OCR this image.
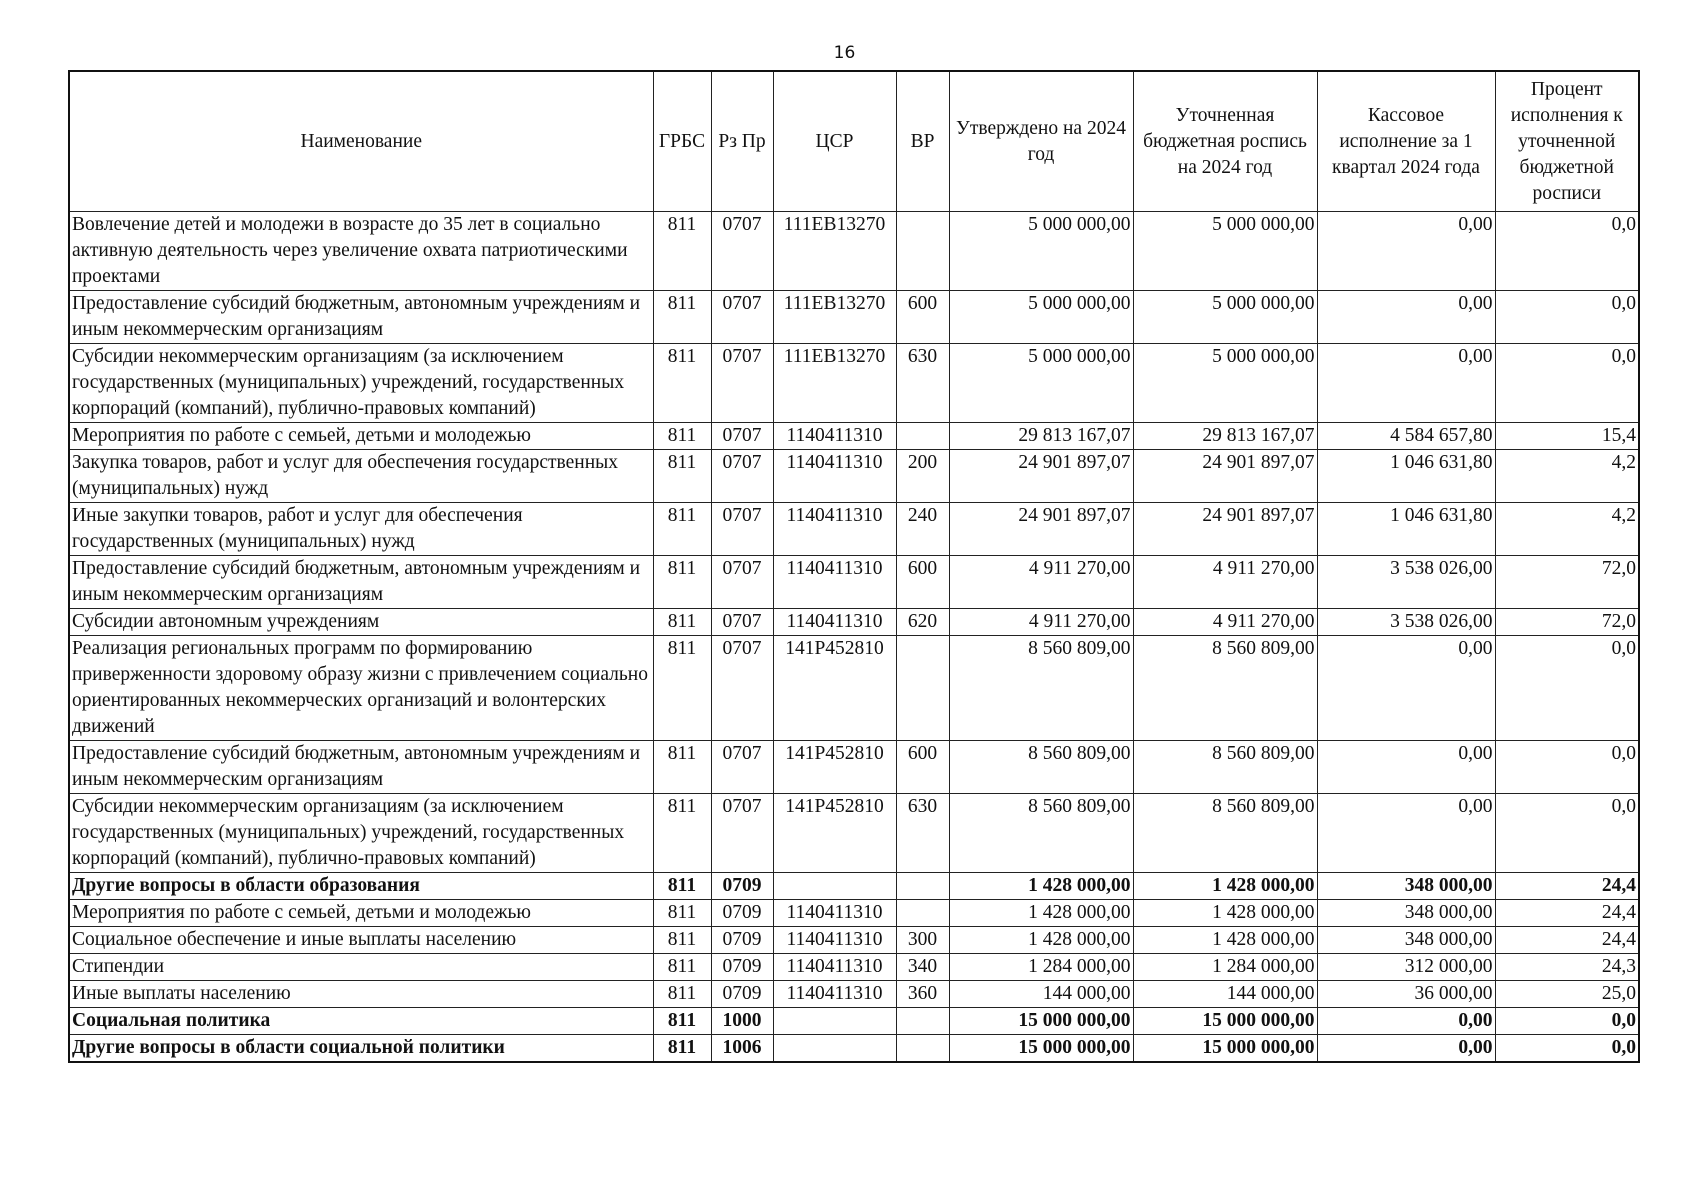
16
Наименование	ГРБС	Рз Пр	ЦСР	ВР	Утверждено на 2024 год	Уточненная бюджетная роспись на 2024 год	Кассовое исполнение за 1 квартал 2024 года	Процент исполнения к уточненной бюджетной росписи
Вовлечение детей и молодежи в возрасте до 35 лет в социально активную деятельность через увеличение охвата патриотическими проектами	811	0707	111EB13270		5 000 000,00	5 000 000,00	0,00	0,0
Предоставление субсидий бюджетным, автономным учреждениям и иным некоммерческим организациям	811	0707	111EB13270	600	5 000 000,00	5 000 000,00	0,00	0,0
Субсидии некоммерческим организациям (за исключением государственных (муниципальных) учреждений, государственных корпораций (компаний), публично-правовых компаний)	811	0707	111EB13270	630	5 000 000,00	5 000 000,00	0,00	0,0
Мероприятия по работе с семьей, детьми и молодежью	811	0707	1140411310		29 813 167,07	29 813 167,07	4 584 657,80	15,4
Закупка товаров, работ и услуг для обеспечения государственных (муниципальных) нужд	811	0707	1140411310	200	24 901 897,07	24 901 897,07	1 046 631,80	4,2
Иные закупки товаров, работ и услуг для обеспечения государственных (муниципальных) нужд	811	0707	1140411310	240	24 901 897,07	24 901 897,07	1 046 631,80	4,2
Предоставление субсидий бюджетным, автономным учреждениям и иным некоммерческим организациям	811	0707	1140411310	600	4 911 270,00	4 911 270,00	3 538 026,00	72,0
Субсидии автономным учреждениям	811	0707	1140411310	620	4 911 270,00	4 911 270,00	3 538 026,00	72,0
Реализация региональных программ по формированию приверженности здоровому образу жизни с привлечением социально ориентированных некоммерческих организаций и волонтерских движений	811	0707	141P452810		8 560 809,00	8 560 809,00	0,00	0,0
Предоставление субсидий бюджетным, автономным учреждениям и иным некоммерческим организациям	811	0707	141P452810	600	8 560 809,00	8 560 809,00	0,00	0,0
Субсидии некоммерческим организациям (за исключением государственных (муниципальных) учреждений, государственных корпораций (компаний), публично-правовых компаний)	811	0707	141P452810	630	8 560 809,00	8 560 809,00	0,00	0,0
Другие вопросы в области образования	811	0709			1 428 000,00	1 428 000,00	348 000,00	24,4
Мероприятия по работе с семьей, детьми и молодежью	811	0709	1140411310		1 428 000,00	1 428 000,00	348 000,00	24,4
Социальное обеспечение и иные выплаты населению	811	0709	1140411310	300	1 428 000,00	1 428 000,00	348 000,00	24,4
Стипендии	811	0709	1140411310	340	1 284 000,00	1 284 000,00	312 000,00	24,3
Иные выплаты населению	811	0709	1140411310	360	144 000,00	144 000,00	36 000,00	25,0
Социальная политика	811	1000			15 000 000,00	15 000 000,00	0,00	0,0
Другие вопросы в области социальной политики	811	1006			15 000 000,00	15 000 000,00	0,00	0,0
